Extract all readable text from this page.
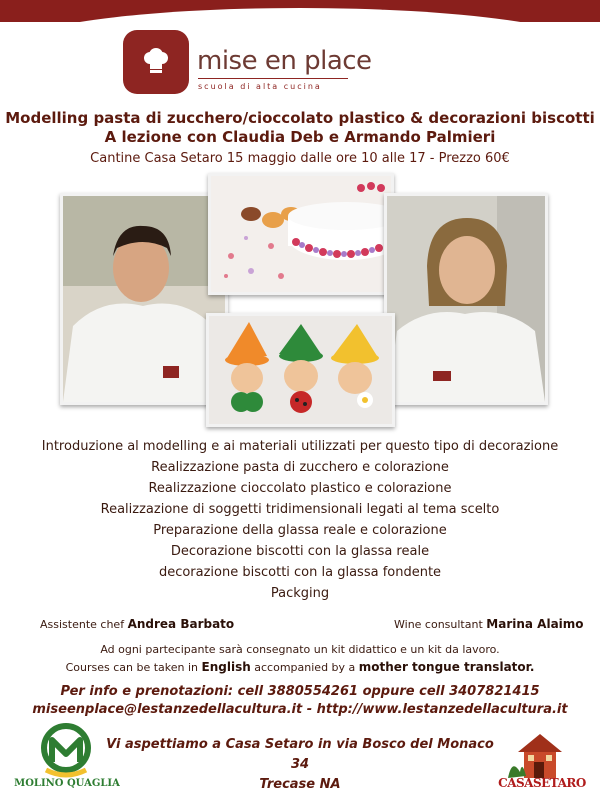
mise en place
scuola di alta cucina
Modelling pasta di zucchero/cioccolato plastico & decorazioni biscotti
A lezione con Claudia Deb e Armando Palmieri
Cantine Casa Setaro 15 maggio dalle ore 10 alle 17 - Prezzo 60€
Introduzione al modelling e ai materiali utilizzati per questo tipo di decorazione
Realizzazione pasta di zucchero e colorazione
Realizzazione cioccolato plastico e colorazione
Realizzazione di soggetti tridimensionali legati al tema scelto
Preparazione della glassa reale e colorazione
Decorazione biscotti con la glassa reale
decorazione biscotti con la glassa fondente
Packging
Assistente chef Andrea Barbato	Wine consultant Marina Alaimo
Ad ogni partecipante sarà consegnato un kit didattico e un kit da lavoro.
Courses can be taken in English accompanied by a mother tongue translator.
Per info e prenotazioni: cell 3880554261 oppure cell 3407821415
miseenplace@lestanzedellacultura.it - http://www.lestanzedellacultura.it
Vi aspettiamo a Casa Setaro in via Bosco del Monaco 34
Trecase NA
MOLINO QUAGLIA	CASASETARO
